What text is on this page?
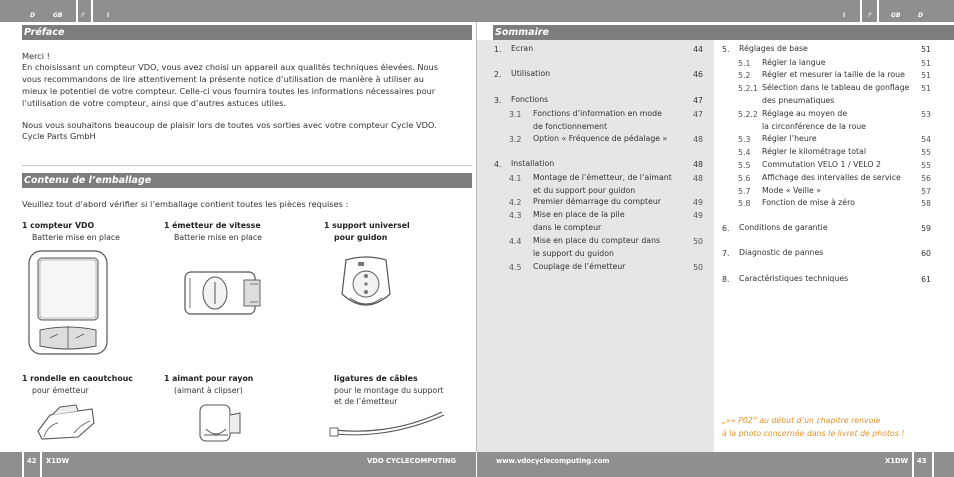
D	GB	F	I	I	F	GB	D
Préface	Sommaire
Merci !
En choisissant un compteur VDO, vous avez choisi un appareil aux qualités techniques élevées. Nous vous recommandons de lire attentivement la présente notice d’utilisation de manière à utiliser au mieux le potentiel de votre compteur. Celle-ci vous fournira toutes les informations nécessaires pour l’utilisation de votre compteur, ainsi que d’autres astuces utiles.
Nous vous souhaitons beaucoup de plaisir lors de toutes vos sorties avec votre compteur Cycle VDO.
Cycle Parts GmbH
Contenu de l’emballage
Veuillez tout d’abord vérifier si l’emballage contient toutes les pièces requises :
1 compteur VDO
Batterie mise en place
1 émetteur de vitesse
Batterie mise en place
1 support universel
pour guidon
1 rondelle en caoutchouc
pour émetteur
1 aimant pour rayon
(aimant à clipser)
ligatures de câbles
pour le montage du support
et de l’émetteur
1. Ecran	44
2. Utilisation	46
3. Fonctions	47
3.1 Fonctions d’information en mode
de fonctionnement
47
3.2 Option « Fréquence de pédalage »	48
4. Installation	48
4.1 Montage de l’émetteur, de l’aimant
et du support pour guidon
48
4.2 Premier démarrage du compteur	49
4.3 Mise en place de la pile
dans le compteur
49
4.4 Mise en place du compteur dans
le support du guidon
50
4.5 Couplage de l’émetteur	50
5. Réglages de base	51
5.1 Régler la langue	51
5.2 Régler et mesurer la taille de la roue	51
5.2.1 Sélection dans le tableau de gonflage
des pneumatiques
51
5.2.2 Réglage au moyen de
la circonférence de la roue
53
5.3 Régler l’heure	54
5.4 Régler le kilométrage total	55
5.5 Commutation VELO 1 / VELO 2	55
5.6 Affichage des intervalles de service	56
5.7 Mode « Veille »	57
5.8 Fonction de mise à zéro	58
6. Conditions de garantie	59
7. Diagnostic de pannes	60
8. Caractéristiques techniques	61
„»» P02“ au début d’un chapitre renvoie
à la photo concernée dans le livret de photos !
42 X1DW	VDO CYCLECOMPUTING	www.vdocyclecomputing.com	X1DW 43
